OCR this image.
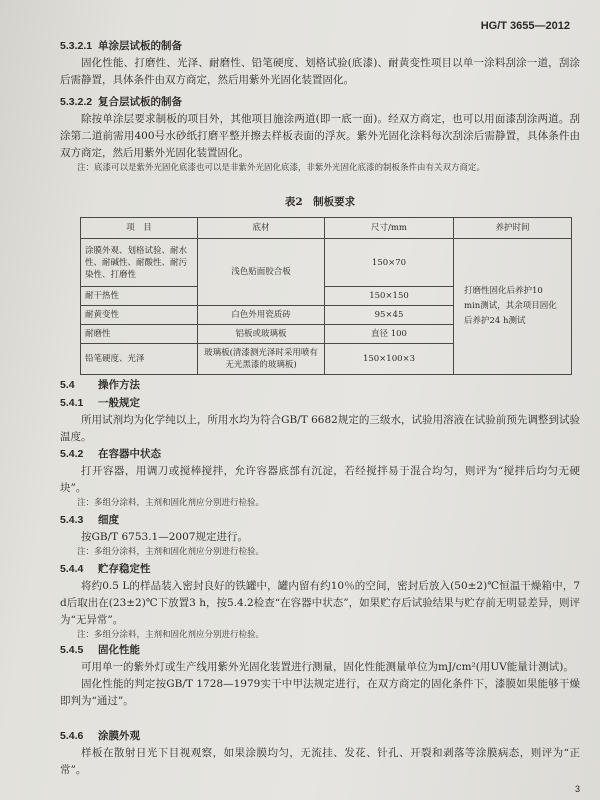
HG/T 3655—2012
5.3.2.1 单涂层试板的制备
固化性能、打磨性、光泽、耐磨性、铅笔硬度、划格试验(底漆)、耐黄变性项目以单一涂料刮涂一道，刮涂后需静置，具体条件由双方商定，然后用紫外光固化装置固化。
5.3.2.2 复合层试板的制备
除按单涂层要求制板的项目外，其他项目施涂两道(即一底一面)。经双方商定，也可以用面漆刮涂两道。刮涂第二道前需用400号水砂纸打磨平整并擦去样板表面的浮灰。紫外光固化涂料每次刮涂后需静置，具体条件由双方商定，然后用紫外光固化装置固化。
注：底漆可以是紫外光固化底漆也可以是非紫外光固化底漆，非紫外光固化底漆的制板条件由有关双方商定。
表2　制板要求
项　目	底材	尺寸/mm	养护时间
涂膜外观、划格试验、耐水性、耐碱性、耐酸性、耐污染性、打磨性	浅色贴面胶合板	150×70	打磨性固化后养护10 min测试，其余项目固化后养护24 h测试
耐干热性		150×150	
耐黄变性	白色外用瓷质砖	95×45	
耐磨性	铝板或玻璃板	直径 100	
铅笔硬度、光泽	玻璃板(清漆测光泽时采用喷有无光黑漆的玻璃板)	150×100×3	
5.4 操作方法
5.4.1 一般规定
所用试剂均为化学纯以上，所用水均为符合GB/T 6682规定的三级水，试验用溶液在试验前预先调整到试验温度。
5.4.2 在容器中状态
打开容器，用调刀或搅棒搅拌，允许容器底部有沉淀，若经搅拌易于混合均匀，则评为“搅拌后均匀无硬块”。
注：多组分涂料，主剂和固化剂应分别进行检验。
5.4.3 细度
按GB/T 6753.1—2007规定进行。
注：多组分涂料，主剂和固化剂应分别进行检验。
5.4.4 贮存稳定性
将约0.5 L的样品装入密封良好的铁罐中，罐内留有约10％的空间，密封后放入(50±2)℃恒温干燥箱中，7 d后取出在(23±2)℃下放置3 h，按5.4.2检查“在容器中状态”，如果贮存后试验结果与贮存前无明显差异，则评为“无异常”。
注：多组分涂料，主剂和固化剂应分别进行检验。
5.4.5 固化性能
可用单一的紫外灯或生产线用紫外光固化装置进行测量，固化性能测量单位为mJ/cm²(用UV能量计测试)。
固化性能的判定按GB/T 1728—1979实干中甲法规定进行，在双方商定的固化条件下，漆膜如果能够干燥即判为“通过”。
5.4.6 涂膜外观
样板在散射日光下目视观察，如果涂膜均匀，无流挂、发花、针孔、开裂和剥落等涂膜病态，则评为“正常”。
3
